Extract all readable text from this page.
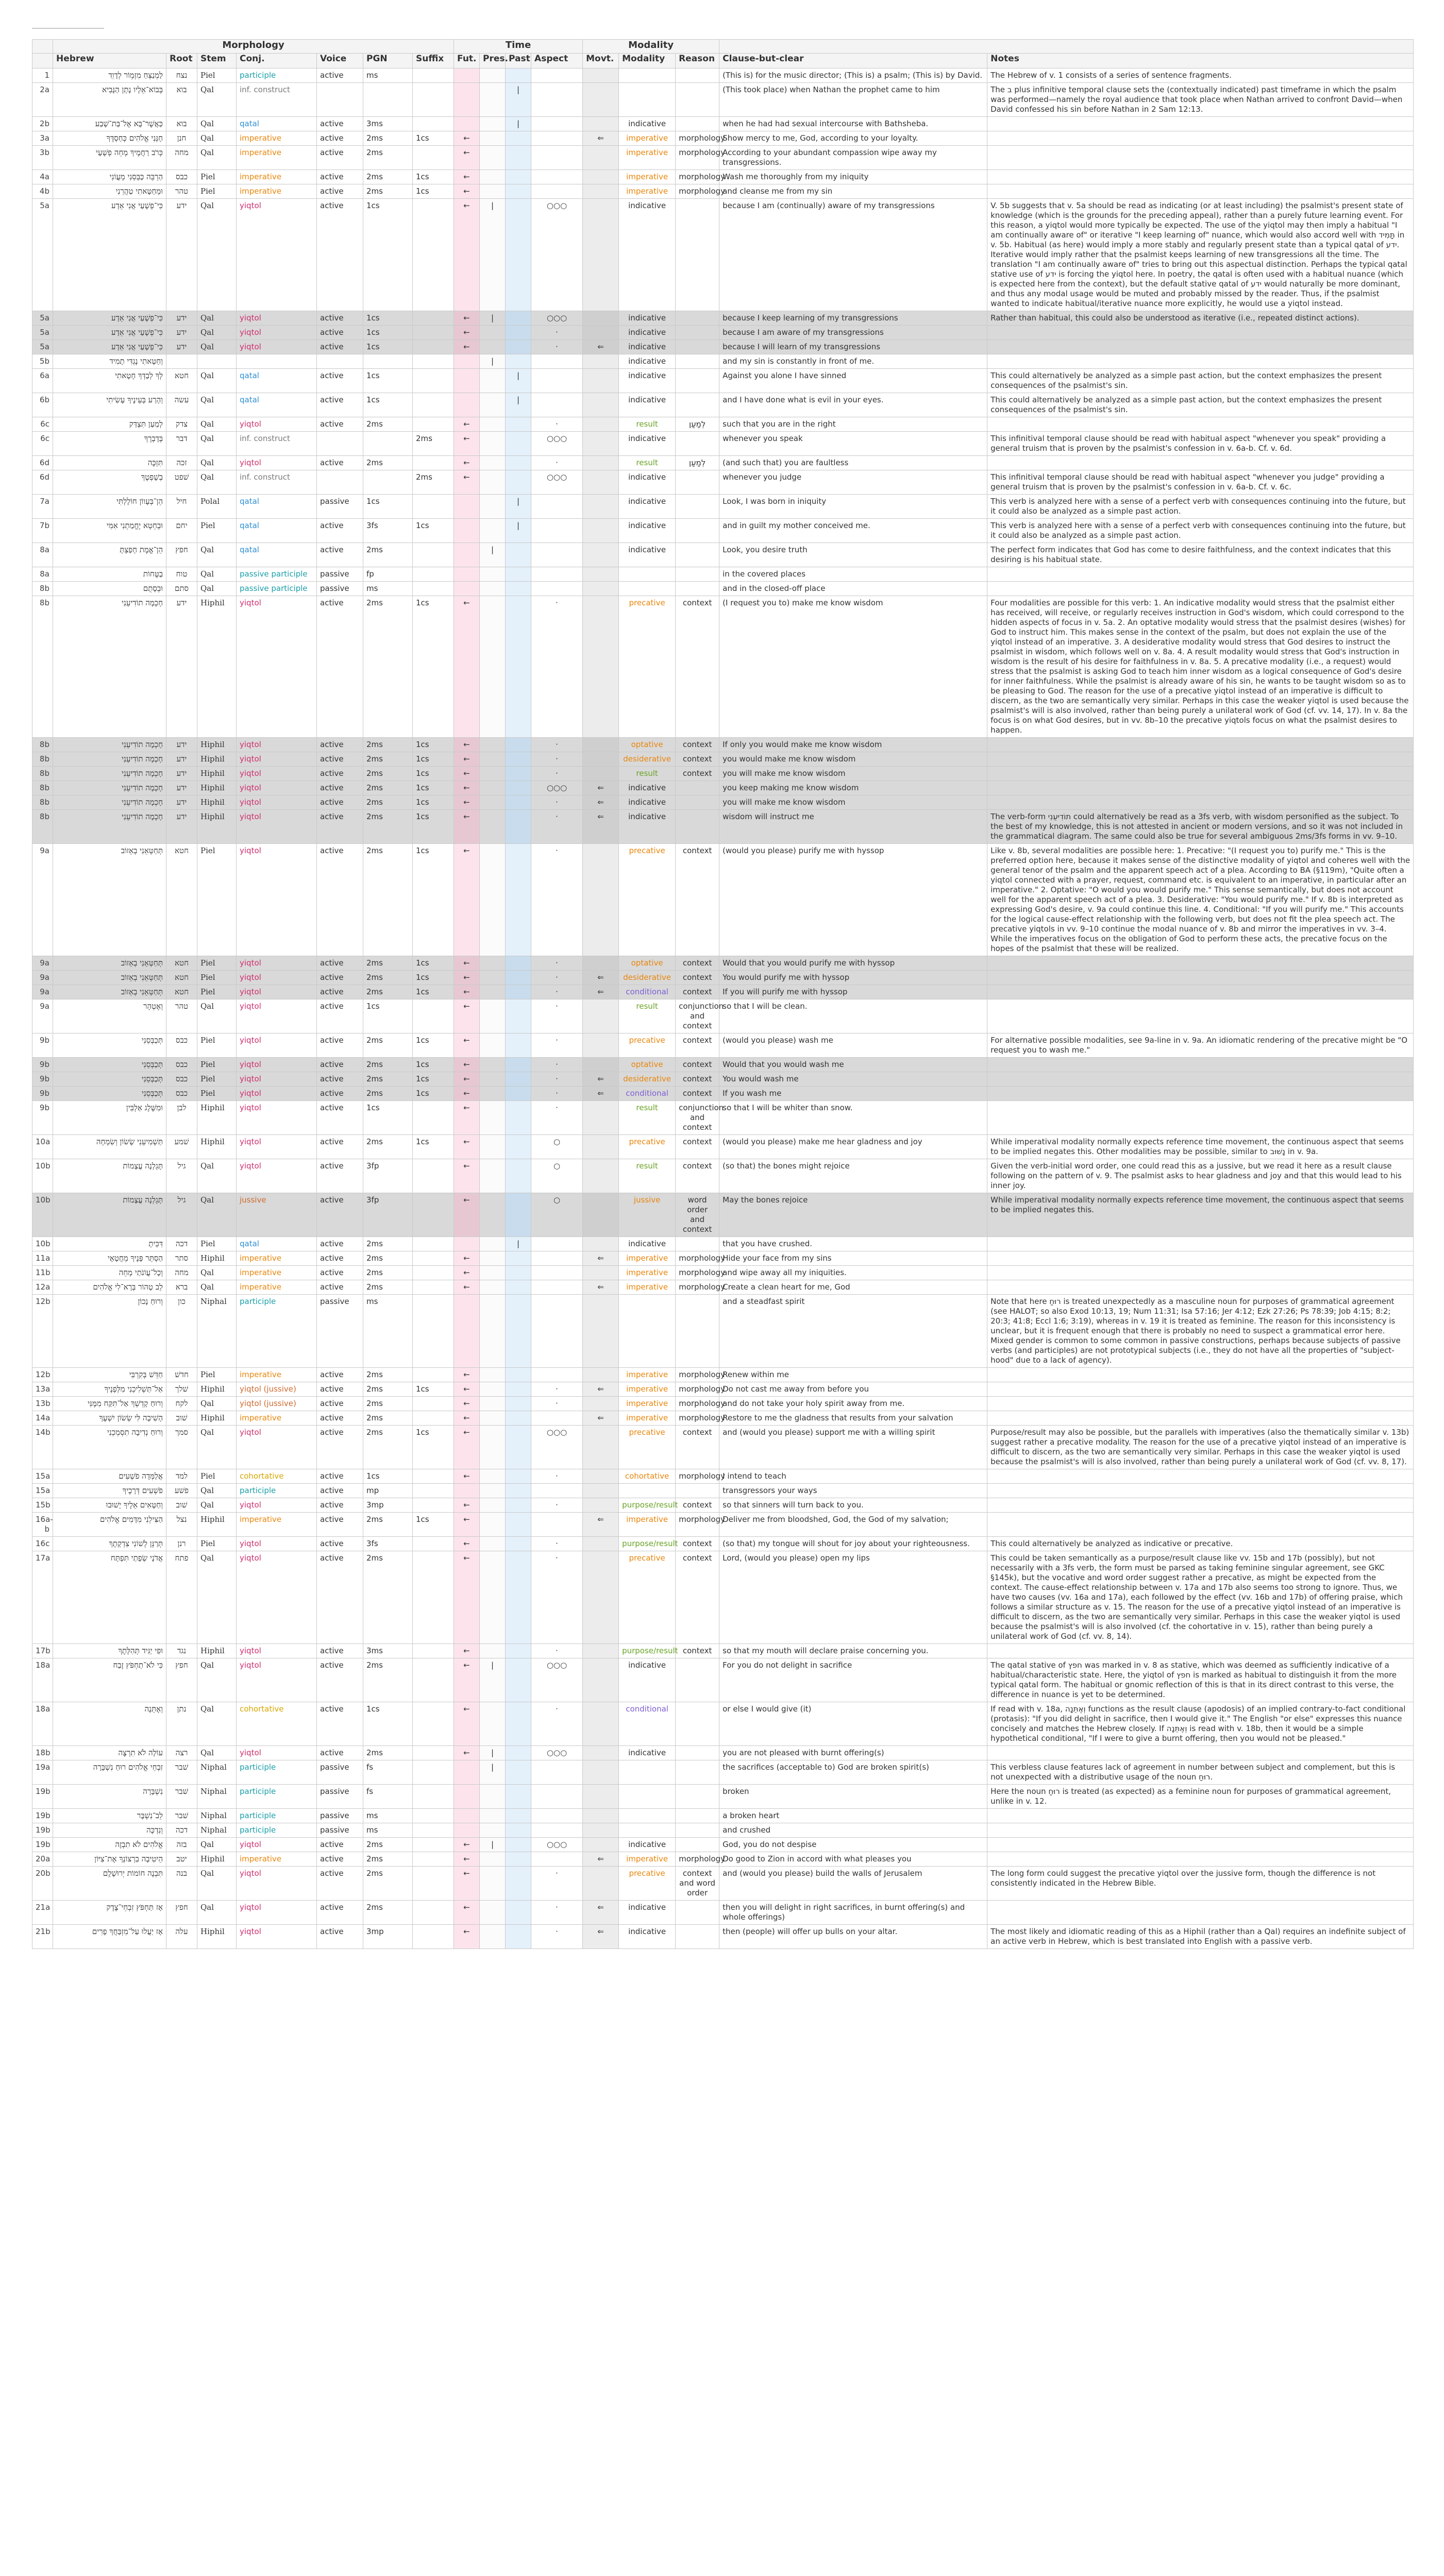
	Morphology							Time				Modality				
	Hebrew	Root	Stem	Conj.	Voice	PGN	Suffix	Fut.	Pres.	Past	Aspect	Movt.	Modality	Reason	Clause-but-clear	Notes
1	לַמְנַצֵּחַ מִזְמ֥וֹר לְדָוִֽד	נצח	Piel	participle	active	ms									(This is) for the music director; (This is) a psalm; (This is) by David.	The Hebrew of v. 1 consists of a series of sentence fragments.
2a	בְּבוֹא־אֵלָיו נָתָן הַנָּבִיא	בוא	Qal	inf. construct						|					(This took place) when Nathan the prophet came to him	The ב plus infinitive temporal clause sets the (contextually indicated) past timeframe in which the psalm was performed—namely the royal audience that took place when Nathan arrived to confront David—when David confessed his sin before Nathan in 2 Sam 12:13.
2b	כַּאֲשֶׁר־בָּא אֶל־בַּת־שָׁבַע	בוא	Qal	qatal	active	3ms				|			indicative		when he had had sexual intercourse with Bathsheba.	
3a	חָנֵּנִי אֱלֹהִים כְּחַסְדֶּךָ	חנן	Qal	imperative	active	2ms	1cs	←				⇐	imperative	morphology	Show mercy to me, God, according to your loyalty.	
3b	כְּרֹב רַחֲמֶיךָ מְחֵה פְשָׁעָי	מחה	Qal	imperative	active	2ms		←					imperative	morphology	According to your abundant compassion wipe away my transgressions.	
4a	הַרְבֵּה כַּבְּסֵנִי מֵעֲוֹנִי	כבס	Piel	imperative	active	2ms	1cs	←					imperative	morphology	Wash me thoroughly from my iniquity	
4b	וּמֵחַטָּאתִי טַהֲרֵנִי	טהר	Piel	imperative	active	2ms	1cs	←					imperative	morphology	and cleanse me from my sin	
5a	כִּי־פְשָׁעַי אֲנִי אֵדָע	ידע	Qal	yiqtol	active	1cs		←	|		○○○		indicative		because I am (continually) aware of my transgressions	V. 5b suggests that v. 5a should be read as indicating (or at least including) the psalmist's present state of knowledge (which is the grounds for the preceding appeal), rather than a purely future learning event. For this reason, a yiqtol would more typically be expected. The use of the yiqtol may then imply a habitual "I am continually aware of" or iterative "I keep learning of" nuance, which would also accord well with תָּמִיד in v. 5b. Habitual (as here) would imply a more stably and regularly present state than a typical qatal of ידע. Iterative would imply rather that the psalmist keeps learning of new transgressions all the time. The translation "I am continually aware of" tries to bring out this aspectual distinction. Perhaps the typical qatal stative use of ידע is forcing the yiqtol here. In poetry, the qatal is often used with a habitual nuance (which is expected here from the context), but the default stative qatal of ידע would naturally be more dominant, and thus any modal usage would be muted and probably missed by the reader. Thus, if the psalmist wanted to indicate habitual/iterative nuance more explicitly, he would use a yiqtol instead.
5a	כִּי־פְשָׁעַי אֲנִי אֵדָע	ידע	Qal	yiqtol	active	1cs		←	|		○○○		indicative		because I keep learning of my transgressions	Rather than habitual, this could also be understood as iterative (i.e., repeated distinct actions).
5a	כִּי־פְשָׁעַי אֲנִי אֵדָע	ידע	Qal	yiqtol	active	1cs		←			·		indicative		because I am aware of my transgressions	
5a	כִּי־פְשָׁעַי אֲנִי אֵדָע	ידע	Qal	yiqtol	active	1cs		←			·	⇐	indicative		because I will learn of my transgressions	
5b	וְחַטָּאתִי נֶגְדִּי תָמִיד								|				indicative		and my sin is constantly in front of me.	
6a	לְךָ לְבַדְּךָ חָטָאתִי	חטא	Qal	qatal	active	1cs				|			indicative		Against you alone I have sinned	This could alternatively be analyzed as a simple past action, but the context emphasizes the present consequences of the psalmist's sin.
6b	וְהָרַע בְּעֵינֶיךָ עָשִׂיתִי	עשה	Qal	qatal	active	1cs				|			indicative		and I have done what is evil in your eyes.	This could alternatively be analyzed as a simple past action, but the context emphasizes the present consequences of the psalmist's sin.
6c	לְמַעַן תִּצְדַּק	צדק	Qal	yiqtol	active	2ms		←			·		result	לְמַעַן	such that you are in the right	
6c	בְּדָבְרֶךָ	דבר	Qal	inf. construct			2ms	←			○○○		indicative		whenever you speak	This infinitival temporal clause should be read with habitual aspect "whenever you speak" providing a general truism that is proven by the psalmist's confession in v. 6a-b. Cf. v. 6d.
6d	תִּזְכֶּה	זכה	Qal	yiqtol	active	2ms		←			·		result	לְמַעַן	(and such that) you are faultless	
6d	בְשָׁפְטֶךָ	שׁפט	Qal	inf. construct			2ms	←			○○○		indicative		whenever you judge	This infinitival temporal clause should be read with habitual aspect "whenever you judge" providing a general truism that is proven by the psalmist's confession in v. 6a-b. Cf. v. 6c.
7a	הֵן־בְּעָווֹן חוֹלָלְתִּי	חיל	Polal	qatal	passive	1cs				|			indicative		Look, I was born in iniquity	This verb is analyzed here with a sense of a perfect verb with consequences continuing into the future, but it could also be analyzed as a simple past action.
7b	וּבְחֵטְא יֶחֱמַתְנִי אִמִּי	יחם	Piel	qatal	active	3fs	1cs			|			indicative		and in guilt my mother conceived me.	This verb is analyzed here with a sense of a perfect verb with consequences continuing into the future, but it could also be analyzed as a simple past action.
8a	הֵן־אֱמֶת חָפַצְתָּ	חפץ	Qal	qatal	active	2ms			|				indicative		Look, you desire truth	The perfect form indicates that God has come to desire faithfulness, and the context indicates that this desiring is his habitual state.
8a	בַטֻּחוֹת	טוח	Qal	passive participle	passive	fp									in the covered places	
8b	וּבְסָתֻם	סתם	Qal	passive participle	passive	ms									and in the closed-off place	
8b	חָכְמָה תוֹדִיעֵנִי	ידע	Hiphil	yiqtol	active	2ms	1cs	←			·		precative	context	(I request you to) make me know wisdom	Four modalities are possible for this verb: 1. An indicative modality would stress that the psalmist either has received, will receive, or regularly receives instruction in God's wisdom, which could correspond to the hidden aspects of focus in v. 5a. 2. An optative modality would stress that the psalmist desires (wishes) for God to instruct him. This makes sense in the context of the psalm, but does not explain the use of the yiqtol instead of an imperative. 3. A desiderative modality would stress that God desires to instruct the psalmist in wisdom, which follows well on v. 8a. 4. A result modality would stress that God's instruction in wisdom is the result of his desire for faithfulness in v. 8a. 5. A precative modality (i.e., a request) would stress that the psalmist is asking God to teach him inner wisdom as a logical consequence of God's desire for inner faithfulness. While the psalmist is already aware of his sin, he wants to be taught wisdom so as to be pleasing to God. The reason for the use of a precative yiqtol instead of an imperative is difficult to discern, as the two are semantically very similar. Perhaps in this case the weaker yiqtol is used because the psalmist's will is also involved, rather than being purely a unilateral work of God (cf. vv. 14, 17). In v. 8a the focus is on what God desires, but in vv. 8b–10 the precative yiqtols focus on what the psalmist desires to happen.
8b	חָכְמָה תוֹדִיעֵנִי	ידע	Hiphil	yiqtol	active	2ms	1cs	←			·		optative	context	If only you would make me know wisdom	
8b	חָכְמָה תוֹדִיעֵנִי	ידע	Hiphil	yiqtol	active	2ms	1cs	←			·		desiderative	context	you would make me know wisdom	
8b	חָכְמָה תוֹדִיעֵנִי	ידע	Hiphil	yiqtol	active	2ms	1cs	←			·		result	context	you will make me know wisdom	
8b	חָכְמָה תוֹדִיעֵנִי	ידע	Hiphil	yiqtol	active	2ms	1cs	←			○○○	⇐	indicative		you keep making me know wisdom	
8b	חָכְמָה תוֹדִיעֵנִי	ידע	Hiphil	yiqtol	active	2ms	1cs	←			·	⇐	indicative		you will make me know wisdom	
8b	חָכְמָה תוֹדִיעֵנִי	ידע	Hiphil	yiqtol	active	2ms	1cs	←			·	⇐	indicative		wisdom will instruct me	The verb-form תוֹדִיעֵנִי could alternatively be read as a 3fs verb, with wisdom personified as the subject. To the best of my knowledge, this is not attested in ancient or modern versions, and so it was not included in the grammatical diagram. The same could also be true for several ambiguous 2ms/3fs forms in vv. 9–10.
9a	תְּחַטְּאֵנִי בְאֵזוֹב	חטא	Piel	yiqtol	active	2ms	1cs	←			·		precative	context	(would you please) purify me with hyssop	Like v. 8b, several modalities are possible here: 1. Precative: "(I request you to) purify me." This is the preferred option here, because it makes sense of the distinctive modality of yiqtol and coheres well with the general tenor of the psalm and the apparent speech act of a plea. According to BA (§119m), "Quite often a yiqtol connected with a prayer, request, command etc. is equivalent to an imperative, in particular after an imperative." 2. Optative: "O would you would purify me." This sense semantically, but does not account well for the apparent speech act of a plea. 3. Desiderative: "You would purify me." If v. 8b is interpreted as expressing God's desire, v. 9a could continue this line. 4. Conditional: "If you will purify me." This accounts for the logical cause-effect relationship with the following verb, but does not fit the plea speech act. The precative yiqtols in vv. 9–10 continue the modal nuance of v. 8b and mirror the imperatives in vv. 3–4. While the imperatives focus on the obligation of God to perform these acts, the precative focus on the hopes of the psalmist that these will be realized.
9a	תְּחַטְּאֵנִי בְאֵזוֹב	חטא	Piel	yiqtol	active	2ms	1cs	←			·		optative	context	Would that you would purify me with hyssop	
9a	תְּחַטְּאֵנִי בְאֵזוֹב	חטא	Piel	yiqtol	active	2ms	1cs	←			·	⇐	desiderative	context	You would purify me with hyssop	
9a	תְּחַטְּאֵנִי בְאֵזוֹב	חטא	Piel	yiqtol	active	2ms	1cs	←			·	⇐	conditional	context	If you will purify me with hyssop	
9a	וְאֶטְהָר	טהר	Qal	yiqtol	active	1cs		←			·		result	conjunction and context	so that I will be clean.	
9b	תְּכַבְּסֵנִי	כבס	Piel	yiqtol	active	2ms	1cs	←			·		precative	context	(would you please) wash me	For alternative possible modalities, see 9a-line in v. 9a. An idiomatic rendering of the precative might be "O request you to wash me."
9b	תְּכַבְּסֵנִי	כבס	Piel	yiqtol	active	2ms	1cs	←			·		optative	context	Would that you would wash me	
9b	תְּכַבְּסֵנִי	כבס	Piel	yiqtol	active	2ms	1cs	←			·	⇐	desiderative	context	You would wash me	
9b	תְּכַבְּסֵנִי	כבס	Piel	yiqtol	active	2ms	1cs	←			·	⇐	conditional	context	If you wash me	
9b	וּמִשֶּׁלֶג אַלְבִּין	לבן	Hiphil	yiqtol	active	1cs		←			·		result	conjunction and context	so that I will be whiter than snow.	
10a	תַּשְׁמִיעֵנִי שָׂשׂוֹן וְשִׂמְחָה	שׁמע	Hiphil	yiqtol	active	2ms	1cs	←			○		precative	context	(would you please) make me hear gladness and joy	While imperatival modality normally expects reference time movement, the continuous aspect that seems to be implied negates this. Other modalities may be possible, similar to נָשׁוּב in v. 9a.
10b	תָּגֵלְנָה עֲצָמוֹת	גיל	Qal	yiqtol	active	3fp		←			○		result	context	(so that) the bones might rejoice	Given the verb-initial word order, one could read this as a jussive, but we read it here as a result clause following on the pattern of v. 9. The psalmist asks to hear gladness and joy and that this would lead to his inner joy.
10b	תָּגֵלְנָה עֲצָמוֹת	גיל	Qal	jussive	active	3fp		←			○		jussive	word order and context	May the bones rejoice	While imperatival modality normally expects reference time movement, the continuous aspect that seems to be implied negates this.
10b	דִּכִּיתָ	דכה	Piel	qatal	active	2ms				|			indicative		that you have crushed.	
11a	הַסְתֵּר פָּנֶיךָ מֵחֲטָאָי	סתר	Hiphil	imperative	active	2ms		←				⇐	imperative	morphology	Hide your face from my sins	
11b	וְכָל־עֲוֹנֹתַי מְחֵה	מחה	Qal	imperative	active	2ms		←					imperative	morphology	and wipe away all my iniquities.	
12a	לֵב טָהוֹר בְּרָא־לִי אֱלֹהִים	ברא	Qal	imperative	active	2ms		←				⇐	imperative	morphology	Create a clean heart for me, God	
12b	וְרוּחַ נָכוֹן	כון	Niphal	participle	passive	ms									and a steadfast spirit	Note that here רוּחַ is treated unexpectedly as a masculine noun for purposes of grammatical agreement (see HALOT; so also Exod 10:13, 19; Num 11:31; Isa 57:16; Jer 4:12; Ezk 27:26; Ps 78:39; Job 4:15; 8:2; 20:3; 41:8; Eccl 1:6; 3:19), whereas in v. 19 it is treated as feminine. The reason for this inconsistency is unclear, but it is frequent enough that there is probably no need to suspect a grammatical error here. Mixed gender is common to some common in passive constructions, perhaps because subjects of passive verbs (and participles) are not prototypical subjects (i.e., they do not have all the properties of "subject-hood" due to a lack of agency).
12b	חַדֵּשׁ בְּקִרְבִּי	חדשׁ	Piel	imperative	active	2ms		←					imperative	morphology	Renew within me	
13a	אַל־תַּשְׁלִיכֵנִי מִלְּפָנֶיךָ	שׁלך	Hiphil	yiqtol (jussive)	active	2ms	1cs	←			·	⇐	imperative	morphology	Do not cast me away from before you	
13b	וְרוּחַ קָדְשְׁךָ אַל־תִּקַּח מִמֶּנִּי	לקח	Qal	yiqtol (jussive)	active	2ms		←			·		imperative	morphology	and do not take your holy spirit away from me.	
14a	הָשִׁיבָה לִּי שְׂשׂוֹן יִשְׁעֶךָ	שׁוב	Hiphil	imperative	active	2ms		←				⇐	imperative	morphology	Restore to me the gladness that results from your salvation	
14b	וְרוּחַ נְדִיבָה תִסְמְכֵנִי	סמך	Qal	yiqtol	active	2ms	1cs	←			○○○		precative	context	and (would you please) support me with a willing spirit	Purpose/result may also be possible, but the parallels with imperatives (also the thematically similar v. 13b) suggest rather a precative modality. The reason for the use of a precative yiqtol instead of an imperative is difficult to discern, as the two are semantically very similar. Perhaps in this case the weaker yiqtol is used because the psalmist's will is also involved, rather than being purely a unilateral work of God (cf. vv. 8, 17).
15a	אֲלַמְּדָה פֹשְׁעִים	למד	Piel	cohortative	active	1cs		←			·		cohortative	morphology	I intend to teach	
15a	פֹשְׁעִים דְּרָכֶיךָ	פשׁע	Qal	participle	active	mp									transgressors your ways	
15b	וְחַטָּאִים אֵלֶיךָ יָשׁוּבוּ	שׁוב	Qal	yiqtol	active	3mp		←			·		purpose/result	context	so that sinners will turn back to you.	
16a-b	הַצִּילֵנִי מִדָּמִים אֱלֹהִים	נצל	Hiphil	imperative	active	2ms	1cs	←				⇐	imperative	morphology	Deliver me from bloodshed, God, the God of my salvation;	
16c	תְּרַנֵּן לְשׁוֹנִי צִדְקָתֶךָ	רנן	Piel	yiqtol	active	3fs		←			·		purpose/result	context	(so that) my tongue will shout for joy about your righteousness.	This could alternatively be analyzed as indicative or precative.
17a	אֲדֹנָי שְׂפָתַי תִּפְתָּח	פתח	Qal	yiqtol	active	2ms		←			·		precative	context	Lord, (would you please) open my lips	This could be taken semantically as a purpose/result clause like vv. 15b and 17b (possibly), but not necessarily with a 3fs verb, the form must be parsed as taking feminine singular agreement, see GKC §145k), but the vocative and word order suggest rather a precative, as might be expected from the context. The cause-effect relationship between v. 17a and 17b also seems too strong to ignore. Thus, we have two causes (vv. 16a and 17a), each followed by the effect (vv. 16b and 17b) of offering praise, which follows a similar structure as v. 15. The reason for the use of a precative yiqtol instead of an imperative is difficult to discern, as the two are semantically very similar. Perhaps in this case the weaker yiqtol is used because the psalmist's will is also involved (cf. the cohortative in v. 15), rather than being purely a unilateral work of God (cf. vv. 8, 14).
17b	וּפִי יַגִּיד תְּהִלָּתֶךָ	נגד	Hiphil	yiqtol	active	3ms		←			·		purpose/result	context	so that my mouth will declare praise concerning you.	
18a	כִּי לֹא־תַחְפֹּץ זֶבַח	חפץ	Qal	yiqtol	active	2ms		←	|		○○○		indicative		For you do not delight in sacrifice	The qatal stative of חפץ was marked in v. 8 as stative, which was deemed as sufficiently indicative of a habitual/characteristic state. Here, the yiqtol of חפץ is marked as habitual to distinguish it from the more typical qatal form. The habitual or gnomic reflection of this is that in its direct contrast to this verse, the difference in nuance is yet to be determined.
18a	וְאֶתֵּנָה	נתן	Qal	cohortative	active	1cs		←			·		conditional		or else I would give (it)	If read with v. 18a, וְאֶתֵּנָה functions as the result clause (apodosis) of an implied contrary-to-fact conditional (protasis): "If you did delight in sacrifice, then I would give it." The English "or else" expresses this nuance concisely and matches the Hebrew closely. If וְאֶתֵּנָה is read with v. 18b, then it would be a simple hypothetical conditional, "If I were to give a burnt offering, then you would not be pleased."
18b	עוֹלָה לֹא תִרְצֶה	רצה	Qal	yiqtol	active	2ms		←	|		○○○		indicative		you are not pleased with burnt offering(s)	
19a	זִבְחֵי אֱלֹהִים רוּחַ נִשְׁבָּרָה	שׁבר	Niphal	participle	passive	fs			|						the sacrifices (acceptable to) God are broken spirit(s)	This verbless clause features lack of agreement in number between subject and complement, but this is not unexpected with a distributive usage of the noun רוּחַ.
19b	נִשְׁבָּרָה	שׁבר	Niphal	participle	passive	fs									broken	Here the noun רוּחַ is treated (as expected) as a feminine noun for purposes of grammatical agreement, unlike in v. 12.
19b	לֵב־נִשְׁבָּר	שׁבר	Niphal	participle	passive	ms									a broken heart	
19b	וְנִדְכֶּה	דכה	Niphal	participle	passive	ms									and crushed	
19b	אֱלֹהִים לֹא תִבְזֶה	בזה	Qal	yiqtol	active	2ms		←	|		○○○		indicative		God, you do not despise	
20a	הֵיטִיבָה בִרְצוֹנְךָ אֶת־צִיּוֹן	יטב	Hiphil	imperative	active	2ms		←				⇐	imperative	morphology	Do good to Zion in accord with what pleases you	
20b	תִּבְנֶה חוֹמוֹת יְרוּשָׁלָ͏ִם	בנה	Qal	yiqtol	active	2ms		←			·		precative	context and word order	and (would you please) build the walls of Jerusalem	The long form could suggest the precative yiqtol over the jussive form, though the difference is not consistently indicated in the Hebrew Bible.
21a	אָז תַּחְפֹּץ זִבְחֵי־צֶדֶק	חפץ	Qal	yiqtol	active	2ms		←			·	⇐	indicative		then you will delight in right sacrifices, in burnt offering(s) and whole offerings)	
21b	אָז יַעֲלוּ עַל־מִזְבַּחֲךָ פָרִים	עלה	Hiphil	yiqtol	active	3mp		←			·	⇐	indicative		then (people) will offer up bulls on your altar.	The most likely and idiomatic reading of this as a Hiphil (rather than a Qal) requires an indefinite subject of an active verb in Hebrew, which is best translated into English with a passive verb.
